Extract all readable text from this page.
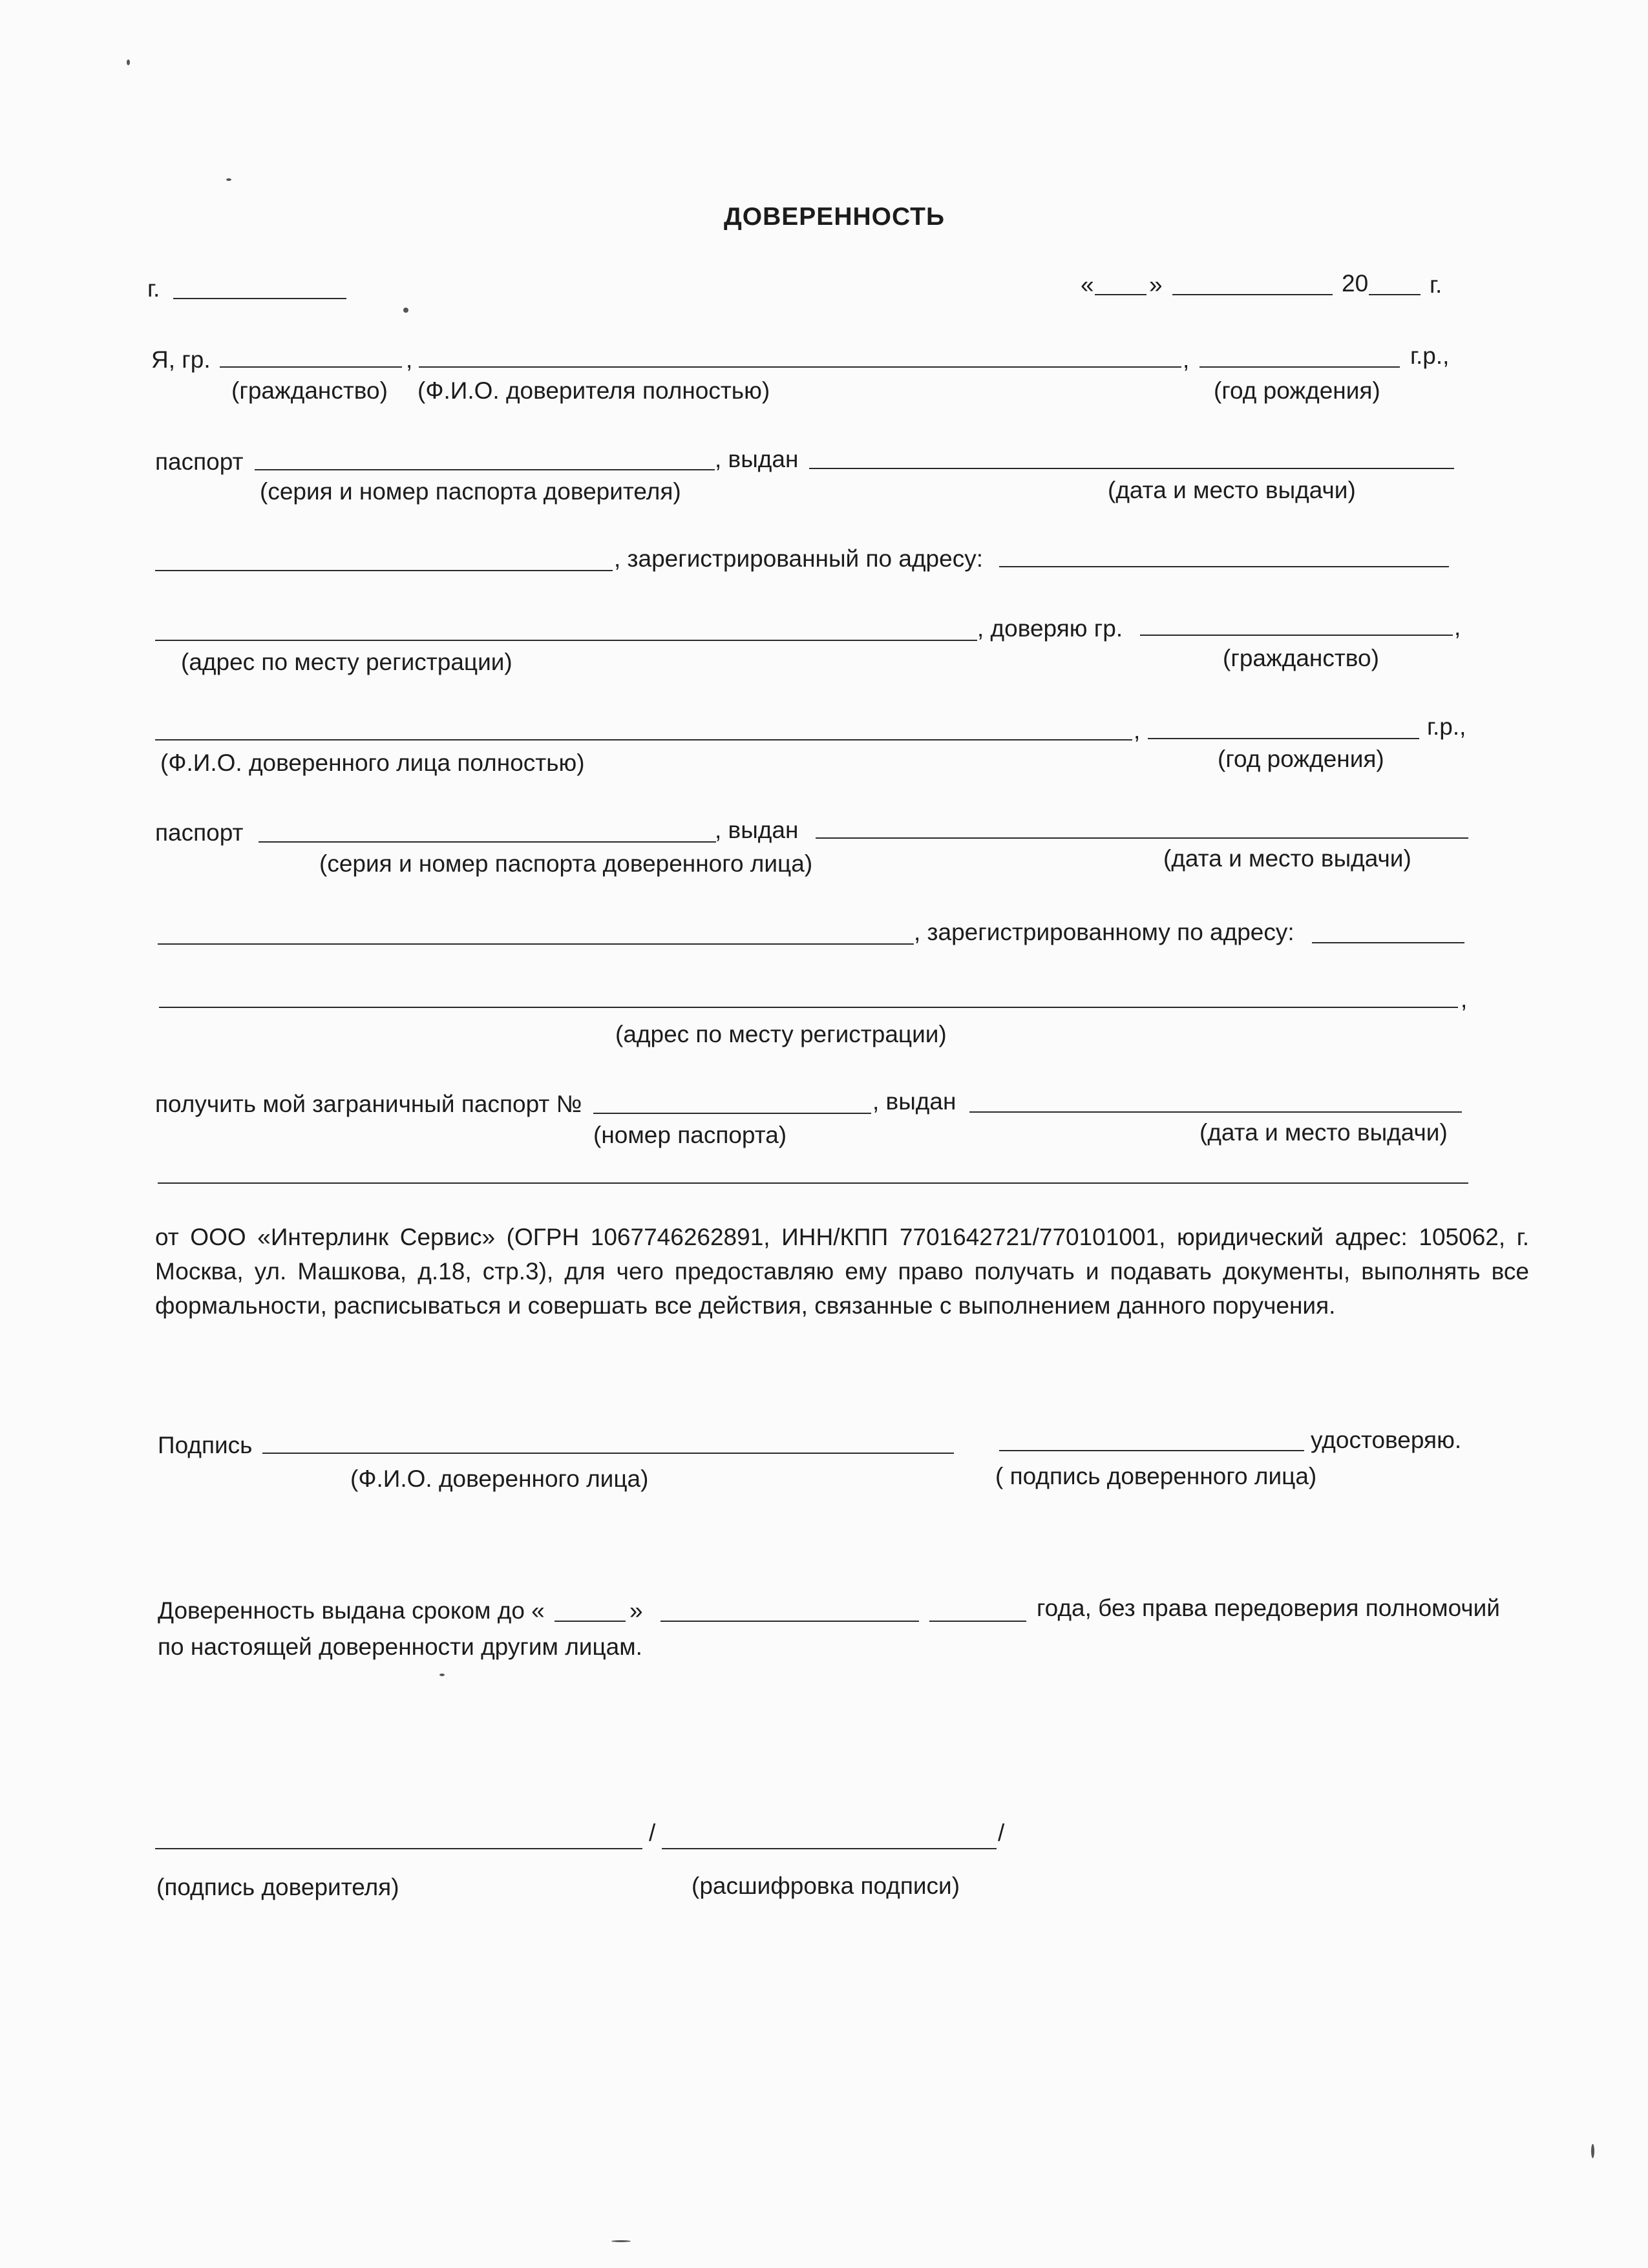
ДОВЕРЕННОСТЬ
г.	« »	20	г.
Я, гр.	,	,	г.р.,
(гражданство) (Ф.И.О. доверителя полностью)	(год рождения)
паспорт	, выдан
(серия и номер паспорта доверителя)	(дата и место выдачи)
, зарегистрированный по адресу:
, доверяю гр.	,
(адрес по месту регистрации)	(гражданство)
,	г.р.,
(Ф.И.О. доверенного лица полностью)	(год рождения)
паспорт	, выдан
(серия и номер паспорта доверенного лица)	(дата и место выдачи)
, зарегистрированному по адресу:
,
(адрес по месту регистрации)
получить мой заграничный паспорт №	, выдан
(номер паспорта)	(дата и место выдачи)
от ООО «Интерлинк Сервис» (ОГРН 1067746262891, ИНН/КПП 7701642721/770101001, юридический адрес: 105062, г. Москва, ул. Машкова, д.18, стр.3), для чего предоставляю ему право получать и подавать документы, выполнять все формальности, расписываться и совершать все действия, связанные с выполнением данного поручения.
Подпись	удостоверяю.
(Ф.И.О. доверенного лица)	( подпись доверенного лица)
Доверенность выдана сроком до «	»	года, без права передоверия полномочий
по настоящей доверенности другим лицам.
/	/
(подпись доверителя)	(расшифровка подписи)
